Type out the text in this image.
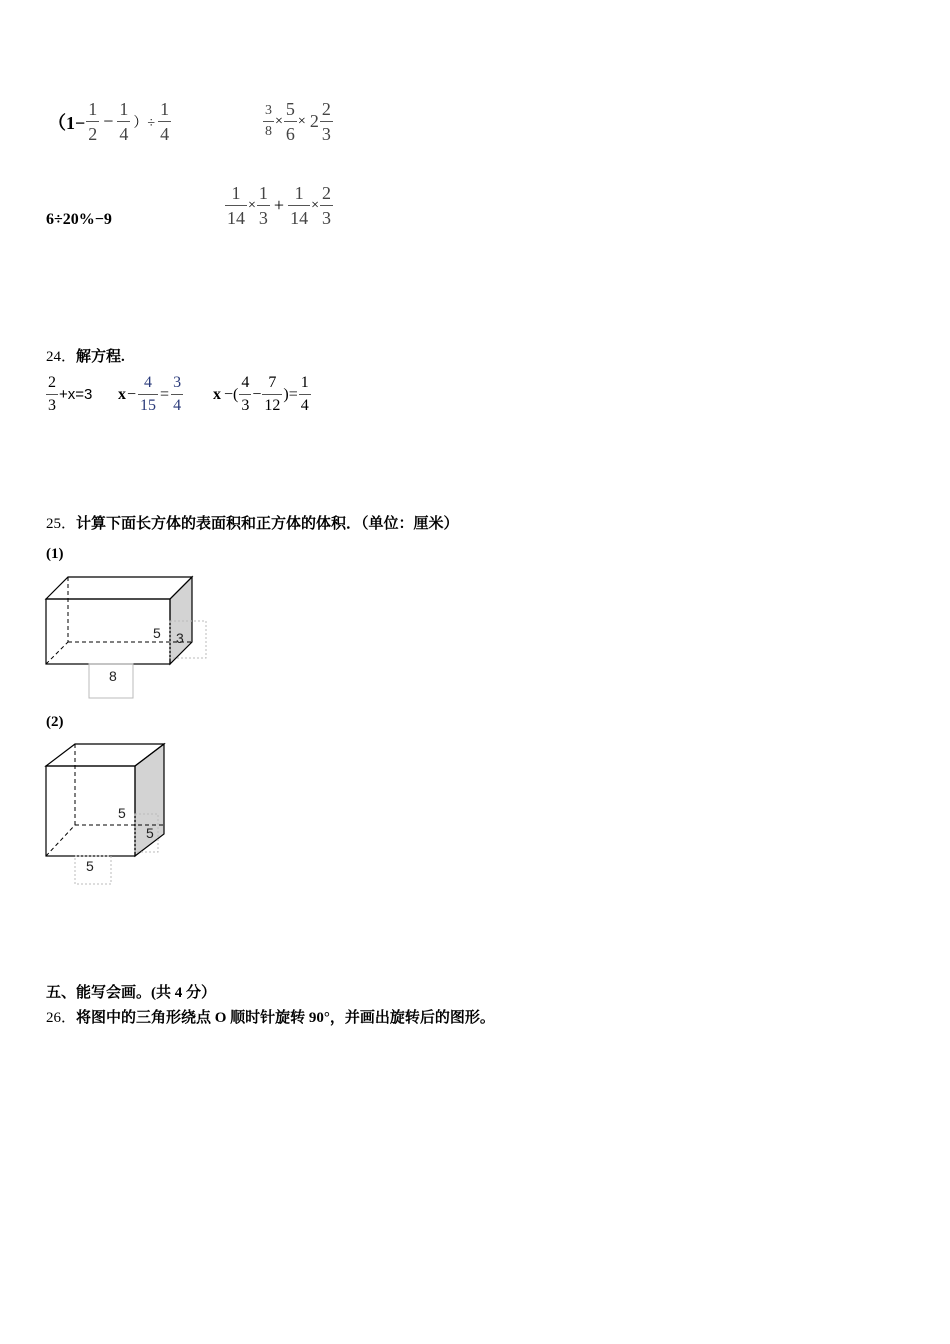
（$1- \frac{1}{2} - \frac{1}{4}$ ）÷ $\frac{1}{4}$	$\frac{3}{8} \times \frac{5}{6} \times 2 \frac{2}{3}$
6÷20%−9	$\frac{1}{14} \times \frac{1}{3} + \frac{1}{14} \times \frac{2}{3}$
24．解方程.
$\frac{2}{3} +x=3$ $x - \frac{4}{15} = \frac{3}{4}$ x −( $\frac{4}{3} - \frac{7}{12}$ )= $\frac{1}{4}$
25．计算下面长方体的表面积和正方体的体积．（单位：厘米）
(1)
5 3
8
(2)
5
5
5
五、能写会画。(共 4 分）
26．将图中的三角形绕点 O 顺时针旋转 90°，并画出旋转后的图形。
